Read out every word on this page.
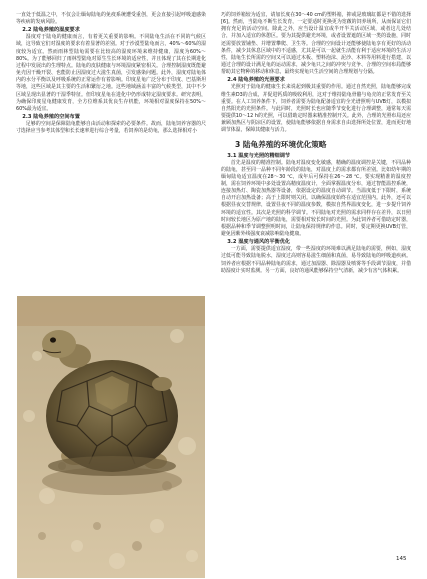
一直处于低温之中，不仅会让缅甸陆龟的免疫系统遭受重创，更会直接引起呼吸道感染等疾病的发病风险。

2.2 陆龟养殖的湿度要求

湿度对于陆龟的健康而言，有着更关重要的影响。不同陆龟生活在不同的气候区域，这导致它们对湿度的要求有着显著的差别。对于沙漠型陆龟而言，40%～60%的湿度较为适宜。然而雨林型陆龟需要在比较高的湿度环境来维持健康，湿度为60%～80%。为了能够回归了雨林型陆龟对原生生长环境的适应性，并且体现了其在长期进化过程中发展出的生理特点。陆龟的皮肤健康与环境湿度紧密相关。合理控制湿度既能避免壳因干燥开裂、也能防止因湿度过大滋生真菌，引发感染问题。此外，湿度对陆龟体内的水分平衡以及呼吸系统的正常运作有着影响。印度星龟广泛分布于印度、巴基斯坦等地，这些区域是其主要的生活和繁衍之地。这些地域涵盖丰富的气候类型，其中不少区域呈现出显著的干湿季特征。但印度星龟在进化中仍形成特定湿度要求。研究表明，为确保印度星龟健康发育，全方位维系其优良生存机能，环境相对湿度保持在50%～60%最为适宜。

2.3 陆龟养殖的空间布置

足够的空间是保障陆龟能够自由活动和探索的必要条件。故而，陆龟饲养容器的尺寸选择应当参考其体型和长长速率进行综合考量，若饲养的是幼龟，那么选择相对小

巧的饲养箱较为适宜，请加长度在30～40 cm的塑料箱，抑或是玻璃缸都是不错的选择[6]。然而，当陆龟不断生长发育，一定要适时更换更为宽敞的饲养场所，从而保证它们拥有充足的活动空间。除此之外，应当设计温宜或半开半关活动区域，或者这几处结合，并加入适宜的休憩区。要为其提供避光环境，或者设置遮荫区域一类的设施，同时还需要放置铺垫、并增置攀爬、卫生等。合理的空间设计还能够使陆龟享有更好的活动条件，减少其休息区域中的不适感，尤其是可以一起就生活能有利于适应环境的生活习性，陆龟生长所需的空间又可以通过木板、塑料泡沫、泥沙、木料等用料进行搭建，以通过合理的设计满足龟的运动需求，减少龟只之间的冲突与竞争、合理的空间布局能够帮助其它物种的移动和休息，最终实现龟只生活空间的合理规划与分隔。

2.4 陆龟养殖的光照要求

光照对于陆龟的健康生长来说起到极其重要的作用。通过自然光照，陆龟能够完成维生素D3的合成，并促进钙质的吸收利用，这对于维持陆龟骨骼与龟壳的正常发育至关重要。在人工饲养条件下，饲养者需要为陆龟配备适宜的全光谱照明与UVB灯，以模拟自然阳光的光照条件。与此同时，光照时长也应随季节变化进行合理调整，通常每天需要提供10～12 h的光照，可以借助定时器来精准控制开关。此外，合理的光照布局还应兼顾加热区与阴凉区的设置，使陆龟能够依据自身需求自由选择所处位置，进而更好地调节体温，保障其健康与活力。

3 陆龟养殖的环境优化策略
3.1 温度与光照的精细调节

首先是温度的精准控制。陆龟对温度变化敏感，精确的温度调控是关键，不同品种的陆龟，甚至同一品种不同年龄段的陆龟，对温度上的需求都有所差别。比如幼年期的缅甸陆龟适宜温度在28～30 ℃，成年后可保持在26～28 ℃。要实现精准的温度控制，需在饲养环境中多处设置高精度温度计，全面掌握温度分布，通过智能温控系统，连接加热灯、陶瓷加热器等设备，依据设定的温度自动调节。当温度低于下限时，系统自动开启加热设备；高于上限时则关闭。以确保温度始终在适宜范围内。此外，还可以根据昼夜交替规律，设置昼夜不同的温度参数，模拟自然界温度变化，进一步提升饲养环境的适宜性。其次是光照的科学调节。不同陆龟对光照的需求同样存在差异，以日照时间较长地区为原产地的陆龟，需要相对较长时间的光照。为此饲养者可借助定时器，根据品种和季节调整照明时间，让陆龟保持规律的作息。同时，要定期更换UVB灯管，避免因紫外线强度衰减影响陆龟健康。

3.2 湿度与通风的平衡优化

一方面，需要提供适宜湿度，带一些湿度的环境难以满足陆龟的需要，例如，湿度过低可能导致陆龟脱水，湿度过高则容易滋生细菌和真菌，易导致陆龟的呼吸道疾病。饲养者应根据不同品种陆龟的需求，通过加湿器、除湿器及喷雾等手段调节湿度，并借助湿度计实时监测。另一方面，良好的通风能够保持空气清新，减少有害气体积累。

145
